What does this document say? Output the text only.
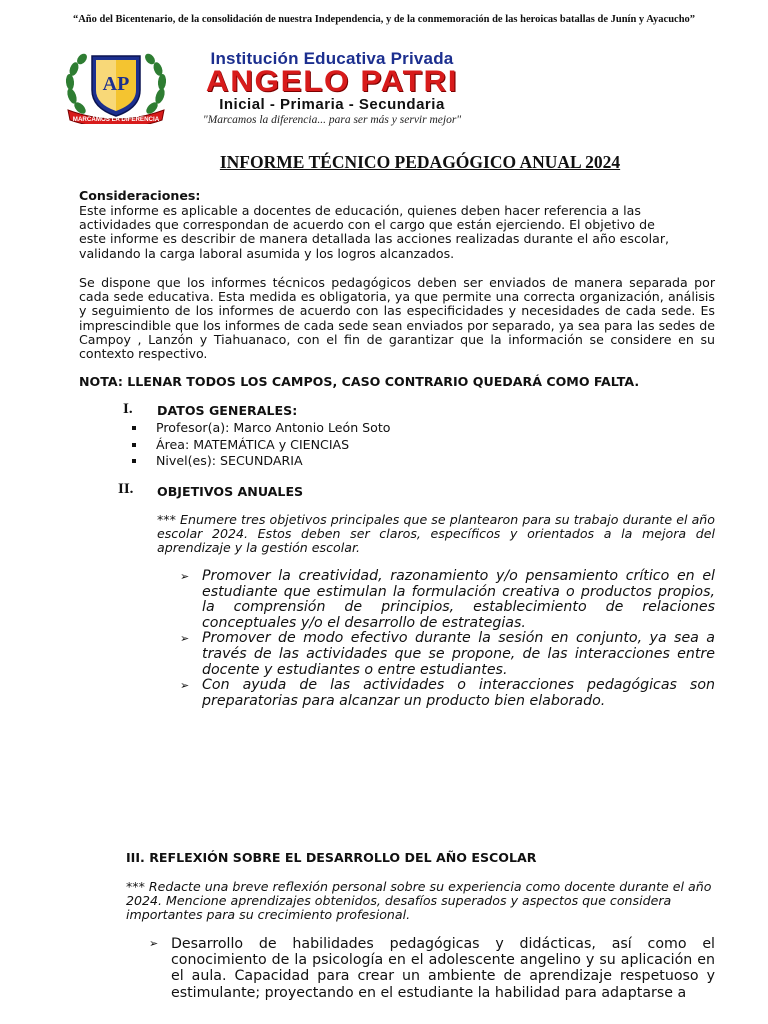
“Año del Bicentenario, de la consolidación de nuestra Independencia, y de la conmemoración de las heroicas batallas de Junín y Ayacucho”
AP
MARCAMOS LA DIFERENCIA
Institución Educativa Privada
ANGELO PATRI
Inicial - Primaria - Secundaria
"Marcamos la diferencia... para ser más y servir mejor"
INFORME TÉCNICO PEDAGÓGICO ANUAL 2024
Consideraciones:
Este informe es aplicable a docentes de educación, quienes deben hacer referencia a las actividades que correspondan de acuerdo con el cargo que están ejerciendo. El objetivo de este informe es describir de manera detallada las acciones realizadas durante el año escolar, validando la carga laboral asumida y los logros alcanzados.
Se dispone que los informes técnicos pedagógicos deben ser enviados de manera separada por cada sede educativa. Esta medida es obligatoria, ya que permite una correcta organización, análisis y seguimiento de los informes de acuerdo con las especificidades y necesidades de cada sede. Es imprescindible que los informes de cada sede sean enviados por separado, ya sea para las sedes de Campoy , Lanzón y Tiahuanaco, con el fin de garantizar que la información se considere en su contexto respectivo.
NOTA: LLENAR TODOS LOS CAMPOS, CASO CONTRARIO QUEDARÁ COMO FALTA.
I. DATOS GENERALES:
Profesor(a): Marco Antonio León Soto
Área: MATEMÁTICA y CIENCIAS
Nivel(es): SECUNDARIA
II. OBJETIVOS ANUALES
*** Enumere tres objetivos principales que se plantearon para su trabajo durante el año escolar 2024. Estos deben ser claros, específicos y orientados a la mejora del aprendizaje y la gestión escolar.
➢ Promover la creatividad, razonamiento y/o pensamiento crítico en el estudiante que estimulan la formulación creativa o productos propios, la comprensión de principios, establecimiento de relaciones conceptuales y/o el desarrollo de estrategias.
➢ Promover de modo efectivo durante la sesión en conjunto, ya sea a través de las actividades que se propone, de las interacciones entre docente y estudiantes o entre estudiantes.
➢ Con ayuda de las actividades o interacciones pedagógicas son preparatorias para alcanzar un producto bien elaborado.
III. REFLEXIÓN SOBRE EL DESARROLLO DEL AÑO ESCOLAR
*** Redacte una breve reflexión personal sobre su experiencia como docente durante el año 2024. Mencione aprendizajes obtenidos, desafíos superados y aspectos que considera importantes para su crecimiento profesional.
➢ Desarrollo de habilidades pedagógicas y didácticas, así como el conocimiento de la psicología en el adolescente angelino y su aplicación en el aula. Capacidad para crear un ambiente de aprendizaje respetuoso y estimulante; proyectando en el estudiante la habilidad para adaptarse a
